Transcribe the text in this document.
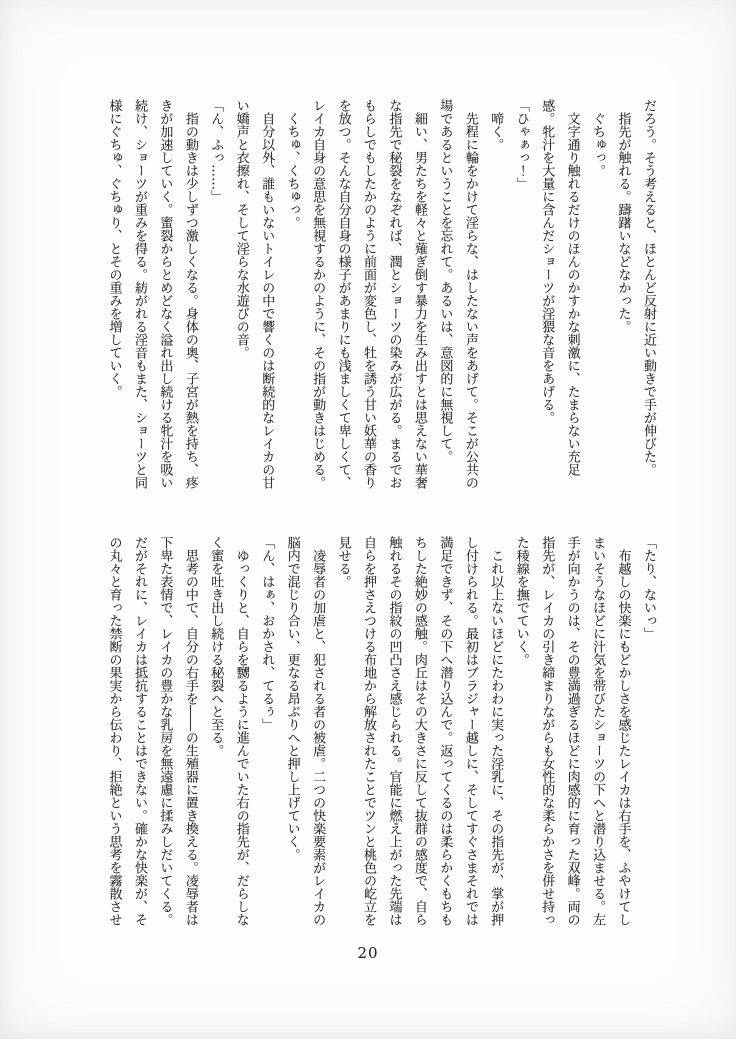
だろう。そう考えると、ほとんど反射に近い動きで手が伸びた。

指先が触れる。躊躇いなどなかった。

ぐちゅっ。

文字通り触れるだけのほんのかすかな刺激に、たまらない充足感。牝汁を大量に含んだショーツが淫猥な音をあげる。

「ひゃぁっ！」

啼く。

先程に輪をかけて淫らな、はしたない声をあげて。そこが公共の場であるということを忘れて。あるいは、意図的に無視して。

細い、男たちを軽々と薙ぎ倒す暴力を生み出すとは思えない華奢な指先で秘裂をなぞれば、潤とショーツの染みが広がる。まるでおもらしでもしたかのように前面が変色し、牡を誘う甘い妖華の香りを放つ。そんな自分自身の様子があまりにも浅ましくて卑しくて、レイカ自身の意思を無視するかのように、その指が動きはじめる。

くちゅ、くちゅっ。

自分以外、誰もいないトイレの中で響くのは断続的なレイカの甘い嬌声と衣擦れ、そして淫らな水遊びの音。

「ん、ふっ……」

指の動きは少しずつ激しくなる。身体の奥、子宮が熱を持ち、疼きが加速していく。蜜裂からとめどなく溢れ出し続ける牝汁を吸い続け、ショーツが重みを得る。紡がれる淫音もまた、ショーツと同様にぐちゅ、ぐちゅり、とその重みを増していく。

「たり、ないっ」

布越しの快楽にもどかしさを感じたレイカは右手を、ふやけてしまいそうなほどに汁気を帯びたショーツの下へと潜り込ませる。左手が向かうのは、その豊満過ぎるほどに肉感的に育った双峰。両の指先が、レイカの引き締まりながらも女性的な柔らかさを併せ持った稜線を撫でていく。

これ以上ないほどにたわわに実った淫乳に、その指先が、掌が押し付けられる。最初はブラジャー越しに、そしてすぐさまそれでは満足できず、その下へ潜り込んで。返ってくるのは柔らかくもちもちした絶妙の感触。肉丘はその大きさに反して抜群の感度で、自ら触れるその指紋の凹凸さえ感じられる。官能に燃え上がった先端は自らを押さえつける布地から解放されたことでツンと桃色の屹立を見せる。

凌辱者の加虐と、犯される者の被虐。二つの快楽要素がレイカの脳内で混じり合い、更なる昂ぶりへと押し上げていく。

「ん、はぁ、おかされ、てるぅ」

ゆっくりと、自らを嬲るように進んでいた右の指先が、だらしなく蜜を吐き出し続ける秘裂へと至る。

思考の中で、自分の右手を――の生殖器に置き換える。凌辱者は下卑た表情で、レイカの豊かな乳房を無遠慮に揉みしだいてくる。だがそれに、レイカは抵抗することはできない。確かな快楽が、その丸々と育った禁断の果実から伝わり、拒絶という思考を霧散させ

20
